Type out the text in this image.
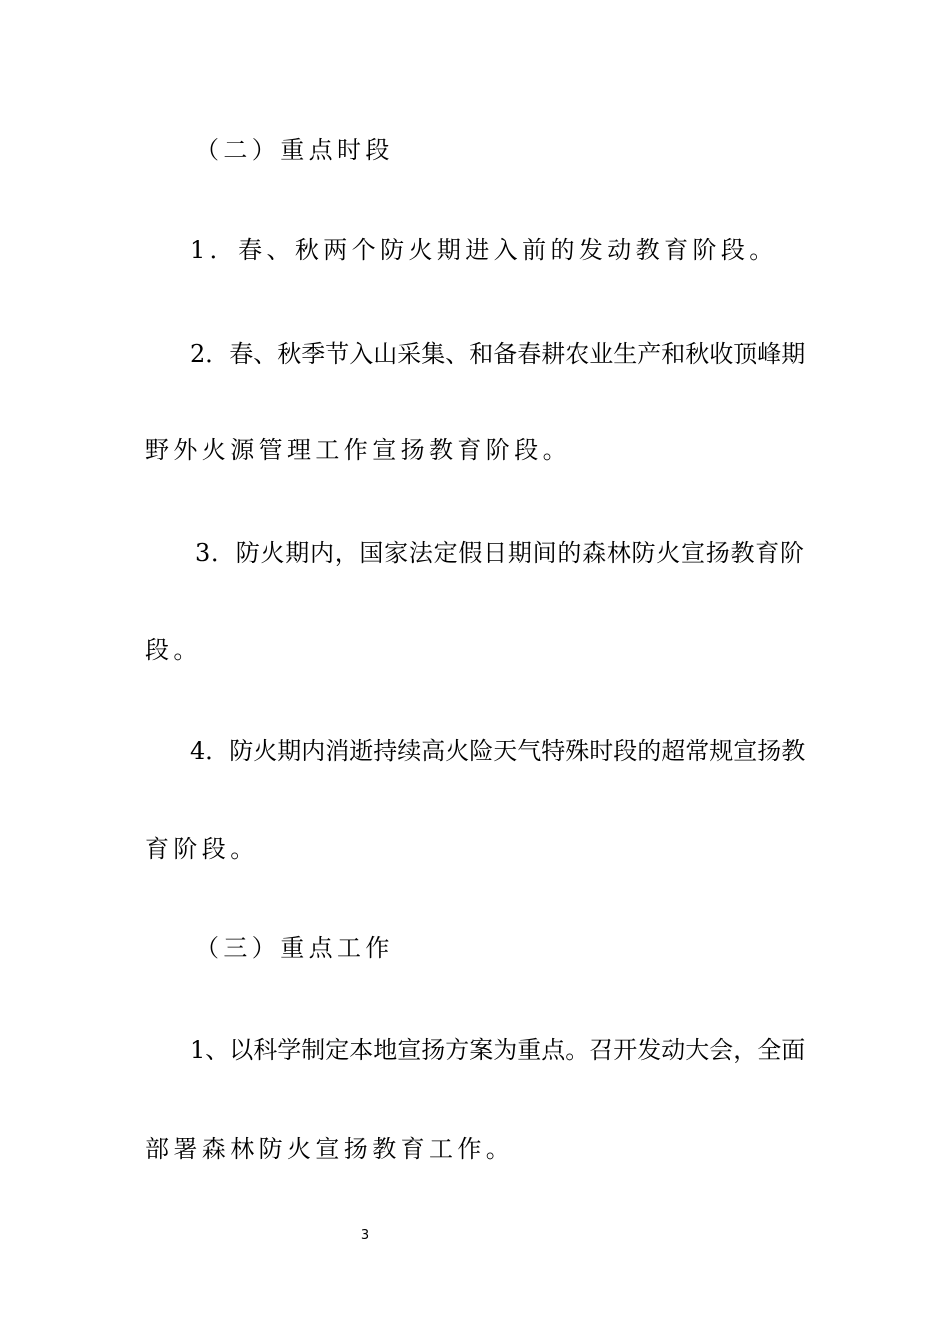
（二）重点时段
1．春、秋两个防火期进入前的发动教育阶段。
2．春、秋季节入山采集、和备春耕农业生产和秋收顶峰期
野外火源管理工作宣扬教育阶段。
3．防火期内，国家法定假日期间的森林防火宣扬教育阶
段。
4．防火期内消逝持续高火险天气特殊时段的超常规宣扬教
育阶段。
（三）重点工作
1、以科学制定本地宣扬方案为重点。召开发动大会，全面
部署森林防火宣扬教育工作。
3
